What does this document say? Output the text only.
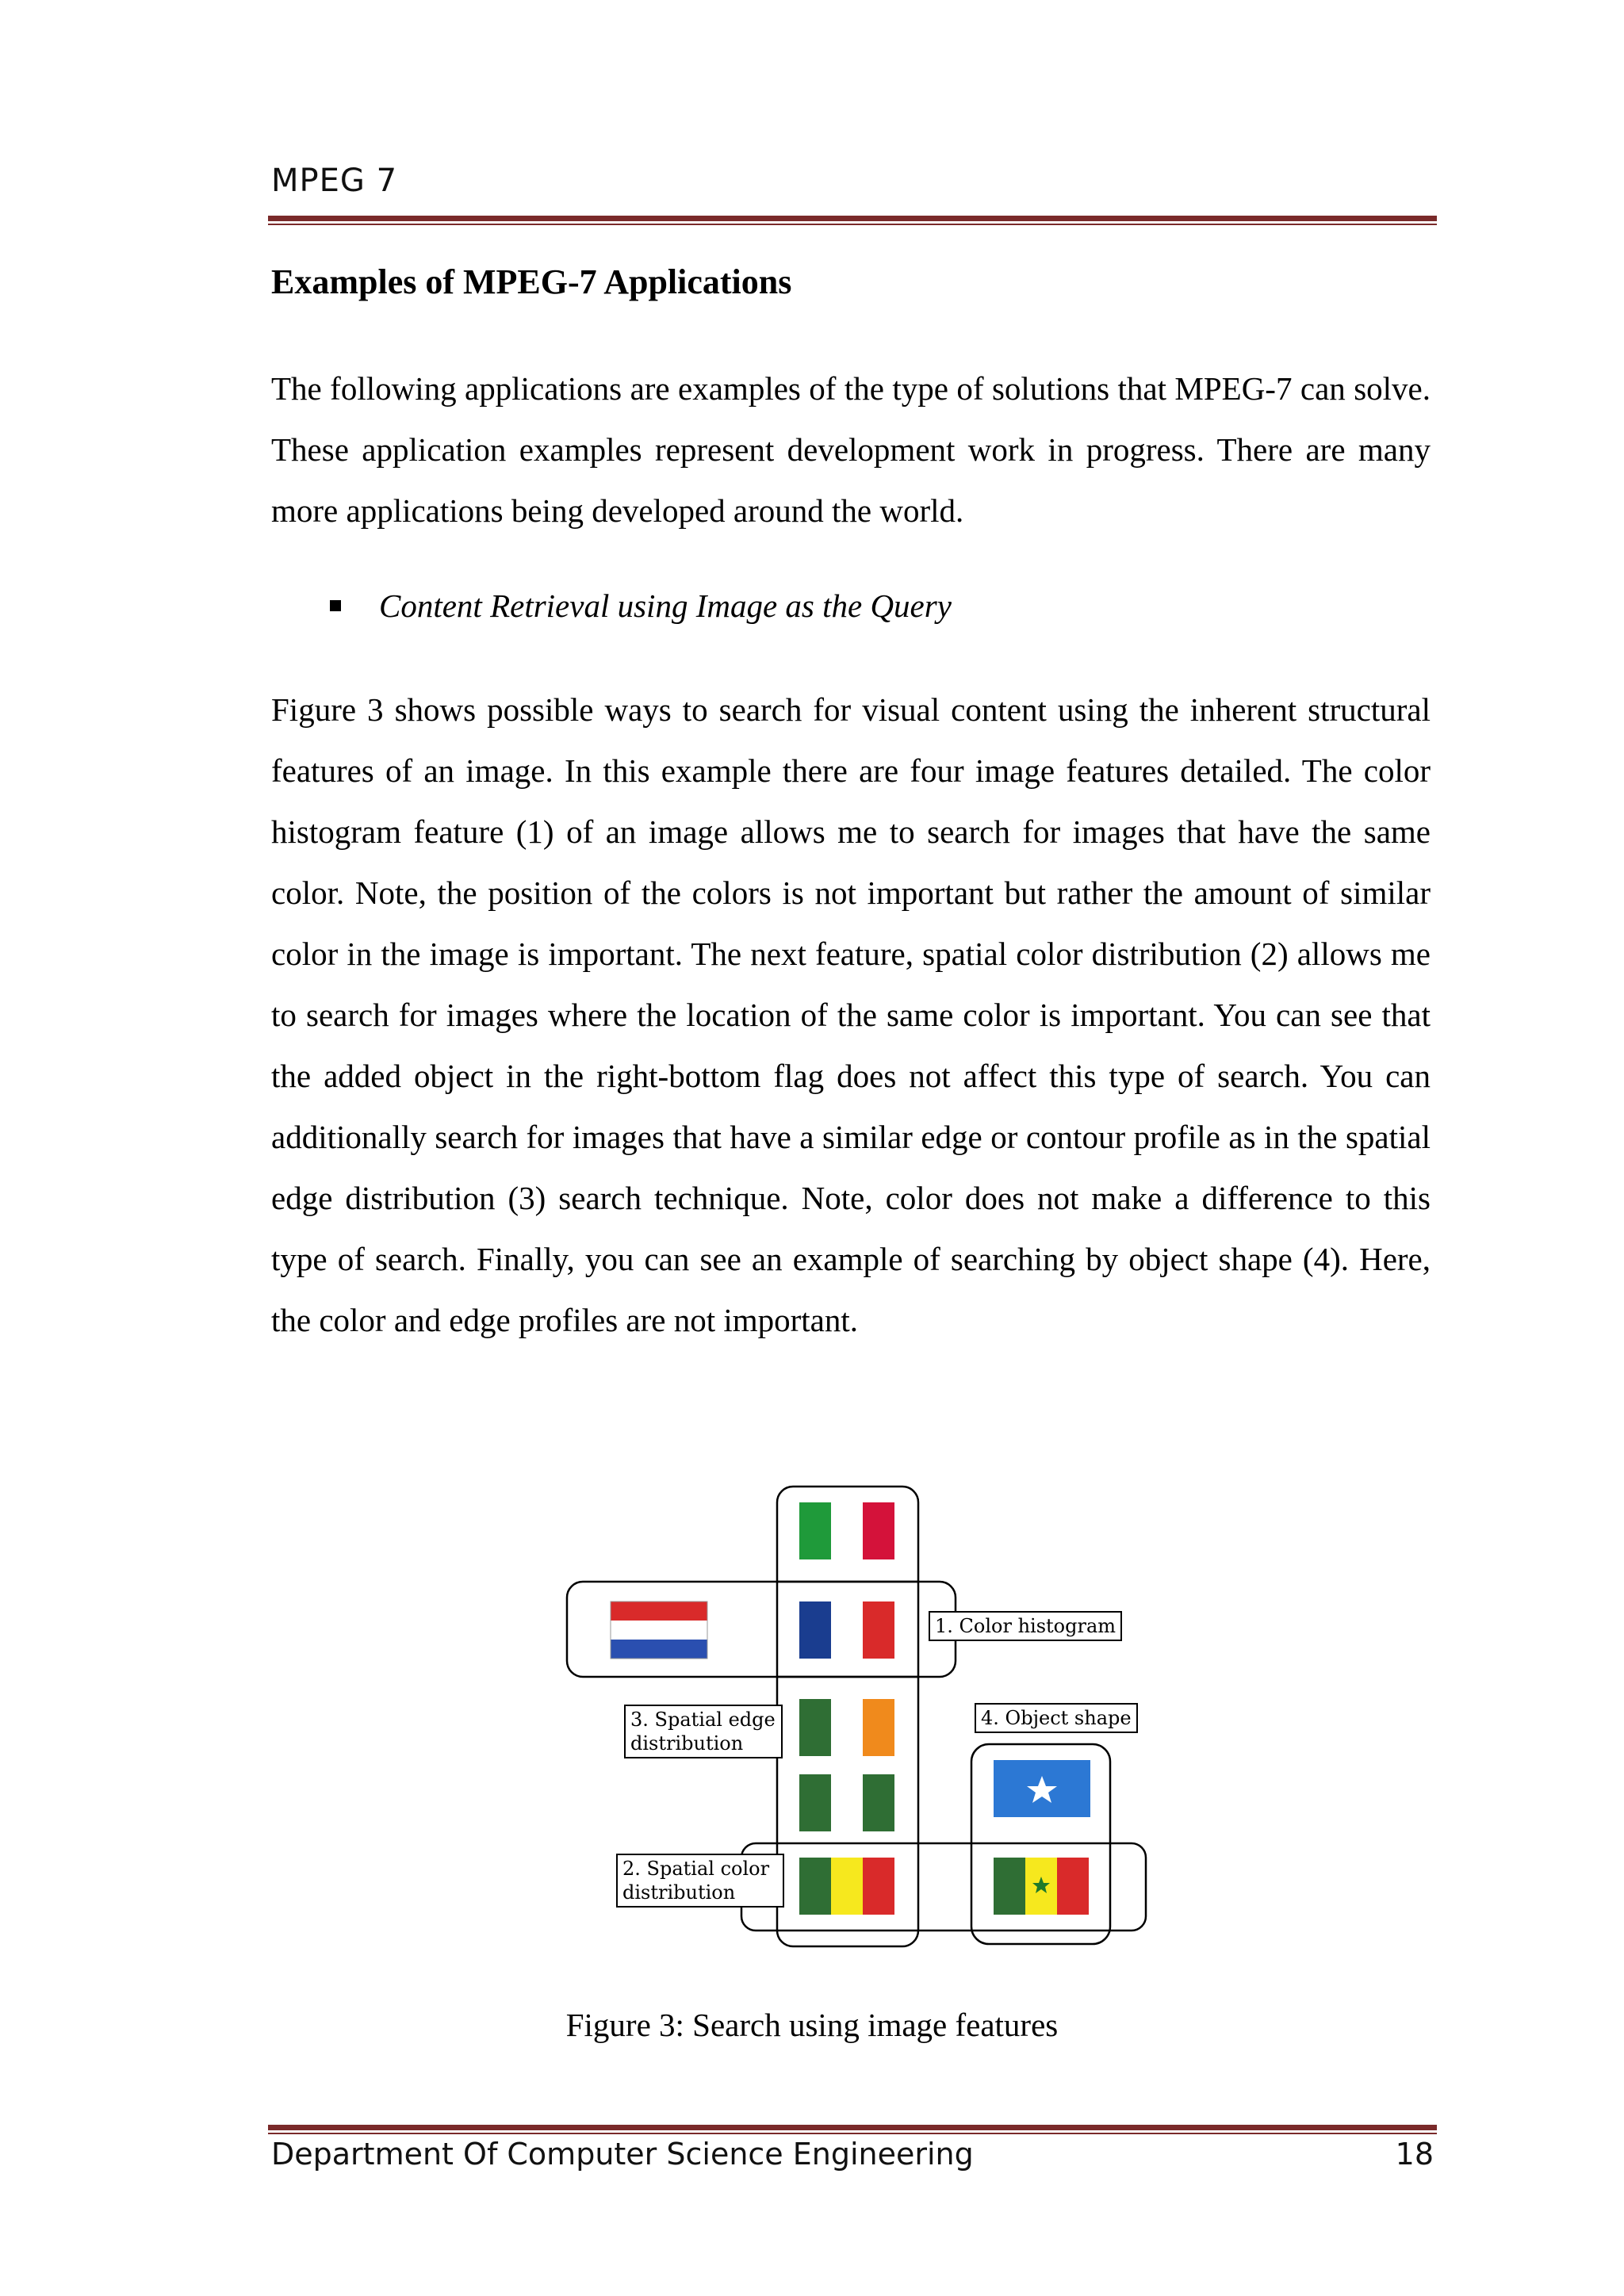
MPEG 7
Examples of MPEG-7 Applications
The following applications are examples of the type of solutions that MPEG-7 can solve. These application examples represent development work in progress. There are many more applications being developed around the world.
Content Retrieval using Image as the Query
Figure 3 shows possible ways to search for visual content using the inherent structural features of an image. In this example there are four image features detailed. The color histogram feature (1) of an image allows me to search for images that have the same color. Note, the position of the colors is not important but rather the amount of similar color in the image is important. The next feature, spatial color distribution (2) allows me to search for images where the location of the same color is important. You can see that the added object in the right-bottom flag does not affect this type of search. You can additionally search for images that have a similar edge or contour profile as in the spatial edge distribution (3) search technique. Note, color does not make a difference to this type of search. Finally, you can see an example of searching by object shape (4). Here, the color and edge profiles are not important.
1. Color histogram
3. Spatial edge distribution
4. Object shape
2. Spatial color distribution
Figure 3: Search using image features
Department Of Computer Science Engineering	18
